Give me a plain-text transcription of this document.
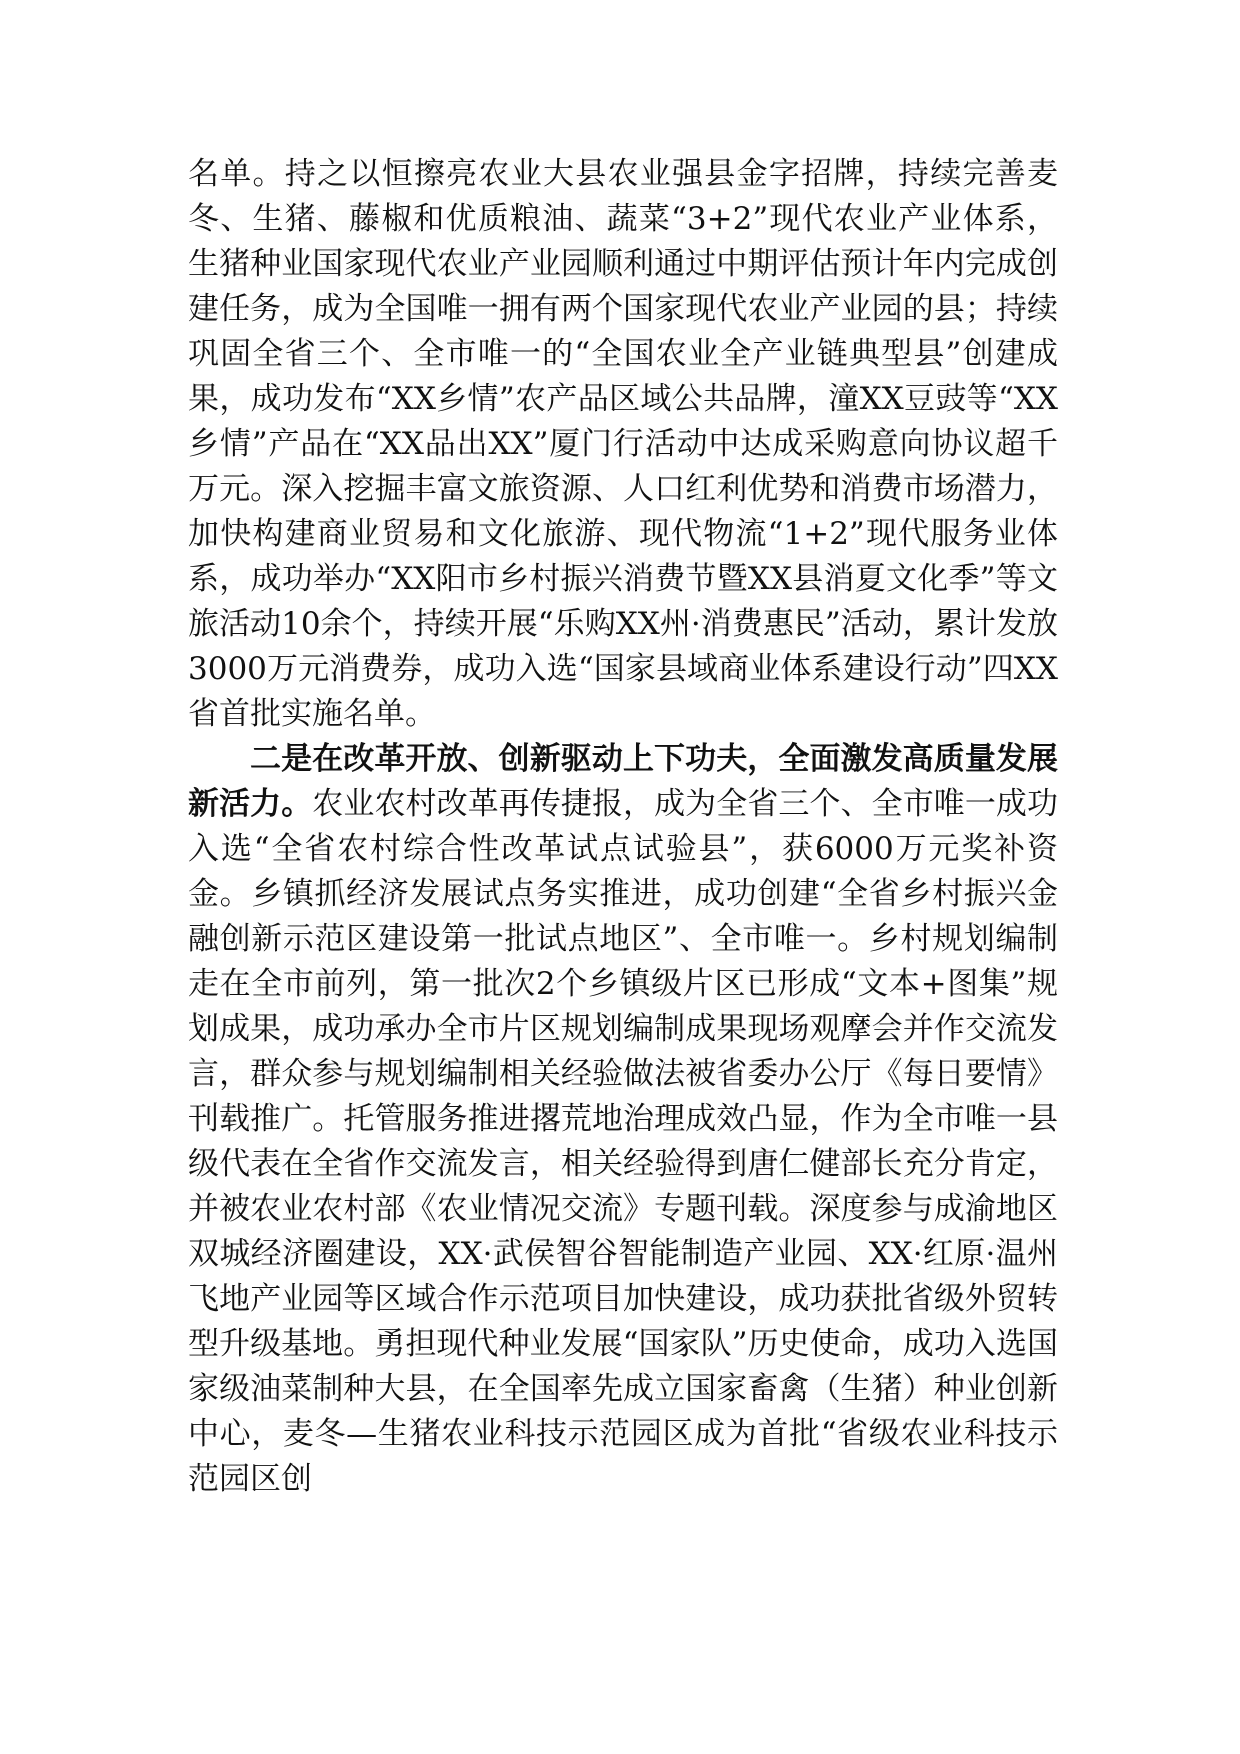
名单。持之以恒擦亮农业大县农业强县金字招牌，持续完善麦冬、生猪、藤椒和优质粮油、蔬菜“3+2”现代农业产业体系，生猪种业国家现代农业产业园顺利通过中期评估预计年内完成创建任务，成为全国唯一拥有两个国家现代农业产业园的县；持续巩固全省三个、全市唯一的“全国农业全产业链典型县”创建成果，成功发布“XX乡情”农产品区域公共品牌，潼XX豆豉等“XX乡情”产品在“XX品出XX”厦门行活动中达成采购意向协议超千万元。深入挖掘丰富文旅资源、人口红利优势和消费市场潜力，加快构建商业贸易和文化旅游、现代物流“1+2”现代服务业体系，成功举办“XX阳市乡村振兴消费节暨XX县消夏文化季”等文旅活动10余个，持续开展“乐购XX州·消费惠民”活动，累计发放3000万元消费券，成功入选“国家县域商业体系建设行动”四XX省首批实施名单。

二是在改革开放、创新驱动上下功夫，全面激发高质量发展新活力。农业农村改革再传捷报，成为全省三个、全市唯一成功入选“全省农村综合性改革试点试验县”，获6000万元奖补资金。乡镇抓经济发展试点务实推进，成功创建“全省乡村振兴金融创新示范区建设第一批试点地区”、全市唯一。乡村规划编制走在全市前列，第一批次2个乡镇级片区已形成“文本+图集”规划成果，成功承办全市片区规划编制成果现场观摩会并作交流发言，群众参与规划编制相关经验做法被省委办公厅《每日要情》刊载推广。托管服务推进撂荒地治理成效凸显，作为全市唯一县级代表在全省作交流发言，相关经验得到唐仁健部长充分肯定，并被农业农村部《农业情况交流》专题刊载。深度参与成渝地区双城经济圈建设，XX·武侯智谷智能制造产业园、XX·红原·温州飞地产业园等区域合作示范项目加快建设，成功获批省级外贸转型升级基地。勇担现代种业发展“国家队”历史使命，成功入选国家级油菜制种大县，在全国率先成立国家畜禽（生猪）种业创新中心，麦冬—生猪农业科技示范园区成为首批“省级农业科技示范园区创
